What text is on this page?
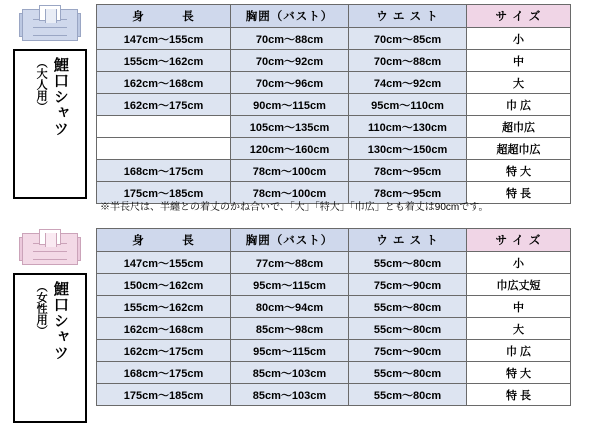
鯉口シャツ
（大人用）
身　　　長	胸囲（バスト）	ウ エ ス ト	サ イ ズ
147cm〜155cm	70cm〜88cm	70cm〜85cm	小
155cm〜162cm	70cm〜92cm	70cm〜88cm	中
162cm〜168cm	70cm〜96cm	74cm〜92cm	大
162cm〜175cm	90cm〜115cm	95cm〜110cm	巾 広
	105cm〜135cm	110cm〜130cm	超巾広
	120cm〜160cm	130cm〜150cm	超超巾広
168cm〜175cm	78cm〜100cm	78cm〜95cm	特 大
175cm〜185cm	78cm〜100cm	78cm〜95cm	特 長
※半長尺は、半纏との着丈のかね合いで、「大」「特大」「巾広」とも着丈は90cmです。
鯉口シャツ
（女性用）
身　　　長	胸囲（バスト）	ウ エ ス ト	サ イ ズ
147cm〜155cm	77cm〜88cm	55cm〜80cm	小
150cm〜162cm	95cm〜115cm	75cm〜90cm	巾広丈短
155cm〜162cm	80cm〜94cm	55cm〜80cm	中
162cm〜168cm	85cm〜98cm	55cm〜80cm	大
162cm〜175cm	95cm〜115cm	75cm〜90cm	巾 広
168cm〜175cm	85cm〜103cm	55cm〜80cm	特 大
175cm〜185cm	85cm〜103cm	55cm〜80cm	特 長
